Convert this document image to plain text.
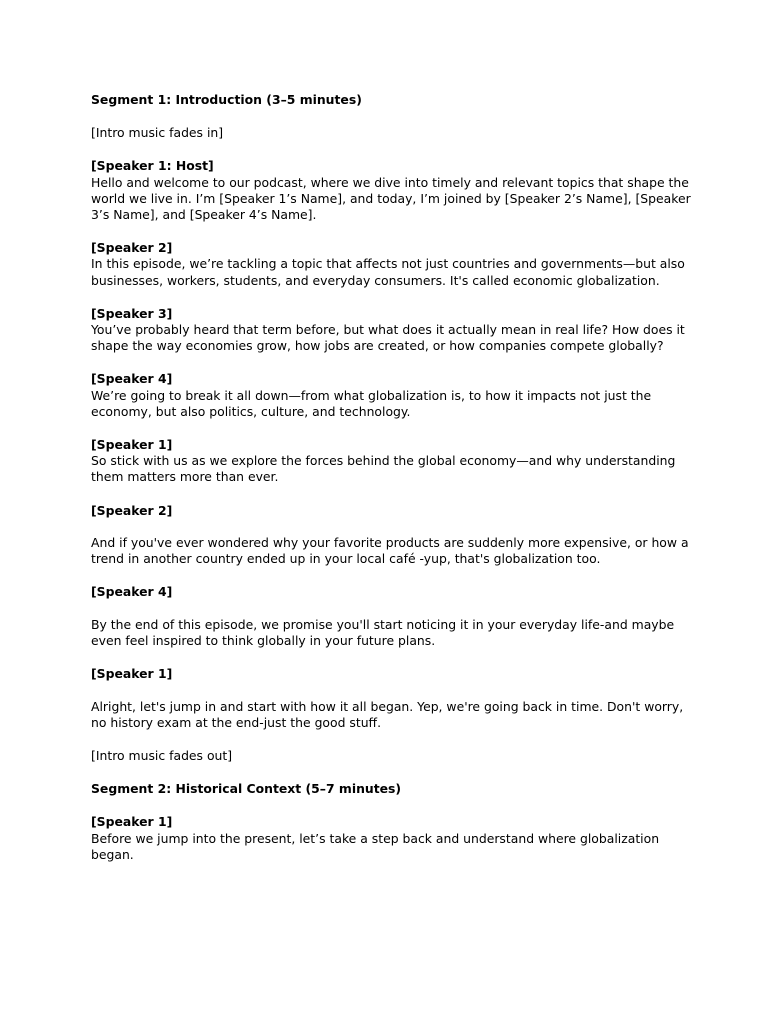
Segment 1: Introduction (3–5 minutes)
[Intro music fades in]
[Speaker 1: Host]
Hello and welcome to our podcast, where we dive into timely and relevant topics that shape the world we live in. I’m [Speaker 1’s Name], and today, I’m joined by [Speaker 2’s Name], [Speaker 3’s Name], and [Speaker 4’s Name].
[Speaker 2]
In this episode, we’re tackling a topic that affects not just countries and governments—but also businesses, workers, students, and everyday consumers. It's called economic globalization.
[Speaker 3]
You’ve probably heard that term before, but what does it actually mean in real life? How does it shape the way economies grow, how jobs are created, or how companies compete globally?
[Speaker 4]
We’re going to break it all down—from what globalization is, to how it impacts not just the economy, but also politics, culture, and technology.
[Speaker 1]
So stick with us as we explore the forces behind the global economy—and why understanding them matters more than ever.
[Speaker 2]
And if you've ever wondered why your favorite products are suddenly more expensive, or how a trend in another country ended up in your local café -yup, that's globalization too.
[Speaker 4]
By the end of this episode, we promise you'll start noticing it in your everyday life-and maybe even feel inspired to think globally in your future plans.
[Speaker 1]
Alright, let's jump in and start with how it all began. Yep, we're going back in time. Don't worry, no history exam at the end-just the good stuff.
[Intro music fades out]
Segment 2: Historical Context (5–7 minutes)
[Speaker 1]
Before we jump into the present, let’s take a step back and understand where globalization began.
